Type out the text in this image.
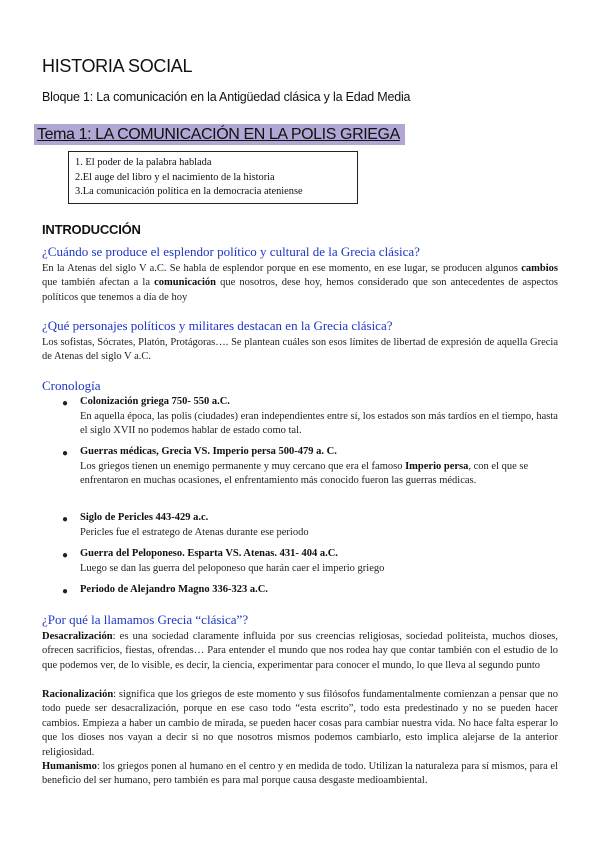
HISTORIA SOCIAL
Bloque 1: La comunicación en la Antigüedad clásica y la Edad Media
Tema 1: LA COMUNICACIÓN EN LA POLIS GRIEGA
1. El poder de la palabra hablada
2.El auge del libro y el nacimiento de la historia
3.La comunicación política en la democracia ateniense
INTRODUCCIÓN
¿Cuándo se produce el esplendor político y cultural de la Grecia clásica?
En la Atenas del siglo V a.C. Se habla de esplendor porque en ese momento, en ese lugar, se producen algunos cambios que también afectan a la comunicación que nosotros, dese hoy, hemos considerado que son antecedentes de aspectos políticos que tenemos a día de hoy
¿Qué personajes políticos y militares destacan en la Grecia clásica?
Los sofistas, Sócrates, Platón, Protágoras…. Se plantean cuáles son esos límites de libertad de expresión de aquella Grecia de Atenas del siglo V a.C.
Cronología
● Colonización griega 750- 550 a.C.
En aquella época, las polis (ciudades) eran independientes entre sí, los estados son más tardíos en el tiempo, hasta el siglo XVII no podemos hablar de estado como tal.
● Guerras médicas, Grecia VS. Imperio persa 500-479 a. C.
Los griegos tienen un enemigo permanente y muy cercano que era el famoso Imperio persa, con el que se enfrentaron en muchas ocasiones, el enfrentamiento más conocido fueron las guerras médicas.
● Siglo de Pericles 443-429 a.c.
Pericles fue el estratego de Atenas durante ese periodo
● Guerra del Peloponeso. Esparta VS. Atenas. 431- 404 a.C.
Luego se dan las guerra del peloponeso que harán caer el imperio griego
● Periodo de Alejandro Magno 336-323 a.C.
¿Por qué la llamamos Grecia “clásica”?
Desacralización: es una sociedad claramente influida por sus creencias religiosas, sociedad politeista, muchos dioses, ofrecen sacrificios, fiestas, ofrendas… Para entender el mundo que nos rodea hay que contar también con el estudio de lo que podemos ver, de lo visible, es decir, la ciencia, experimentar para conocer el mundo, lo que lleva al segundo punto
Racionalización: significa que los griegos de este momento y sus filósofos fundamentalmente comienzan a pensar que no todo puede ser desacralización, porque en ese caso todo “esta escrito”, todo esta predestinado y no se pueden hacer cambios. Empieza a haber un cambio de mirada, se pueden hacer cosas para cambiar nuestra vida. No hace falta esperar lo que los dioses nos vayan a decir si no que nosotros mismos podemos cambiarlo, esto implica alejarse de la anterior religiosidad.
Humanismo: los griegos ponen al humano en el centro y en medida de todo. Utilizan la naturaleza para sí mismos, para el beneficio del ser humano, pero también es para mal porque causa desgaste medioambiental.
